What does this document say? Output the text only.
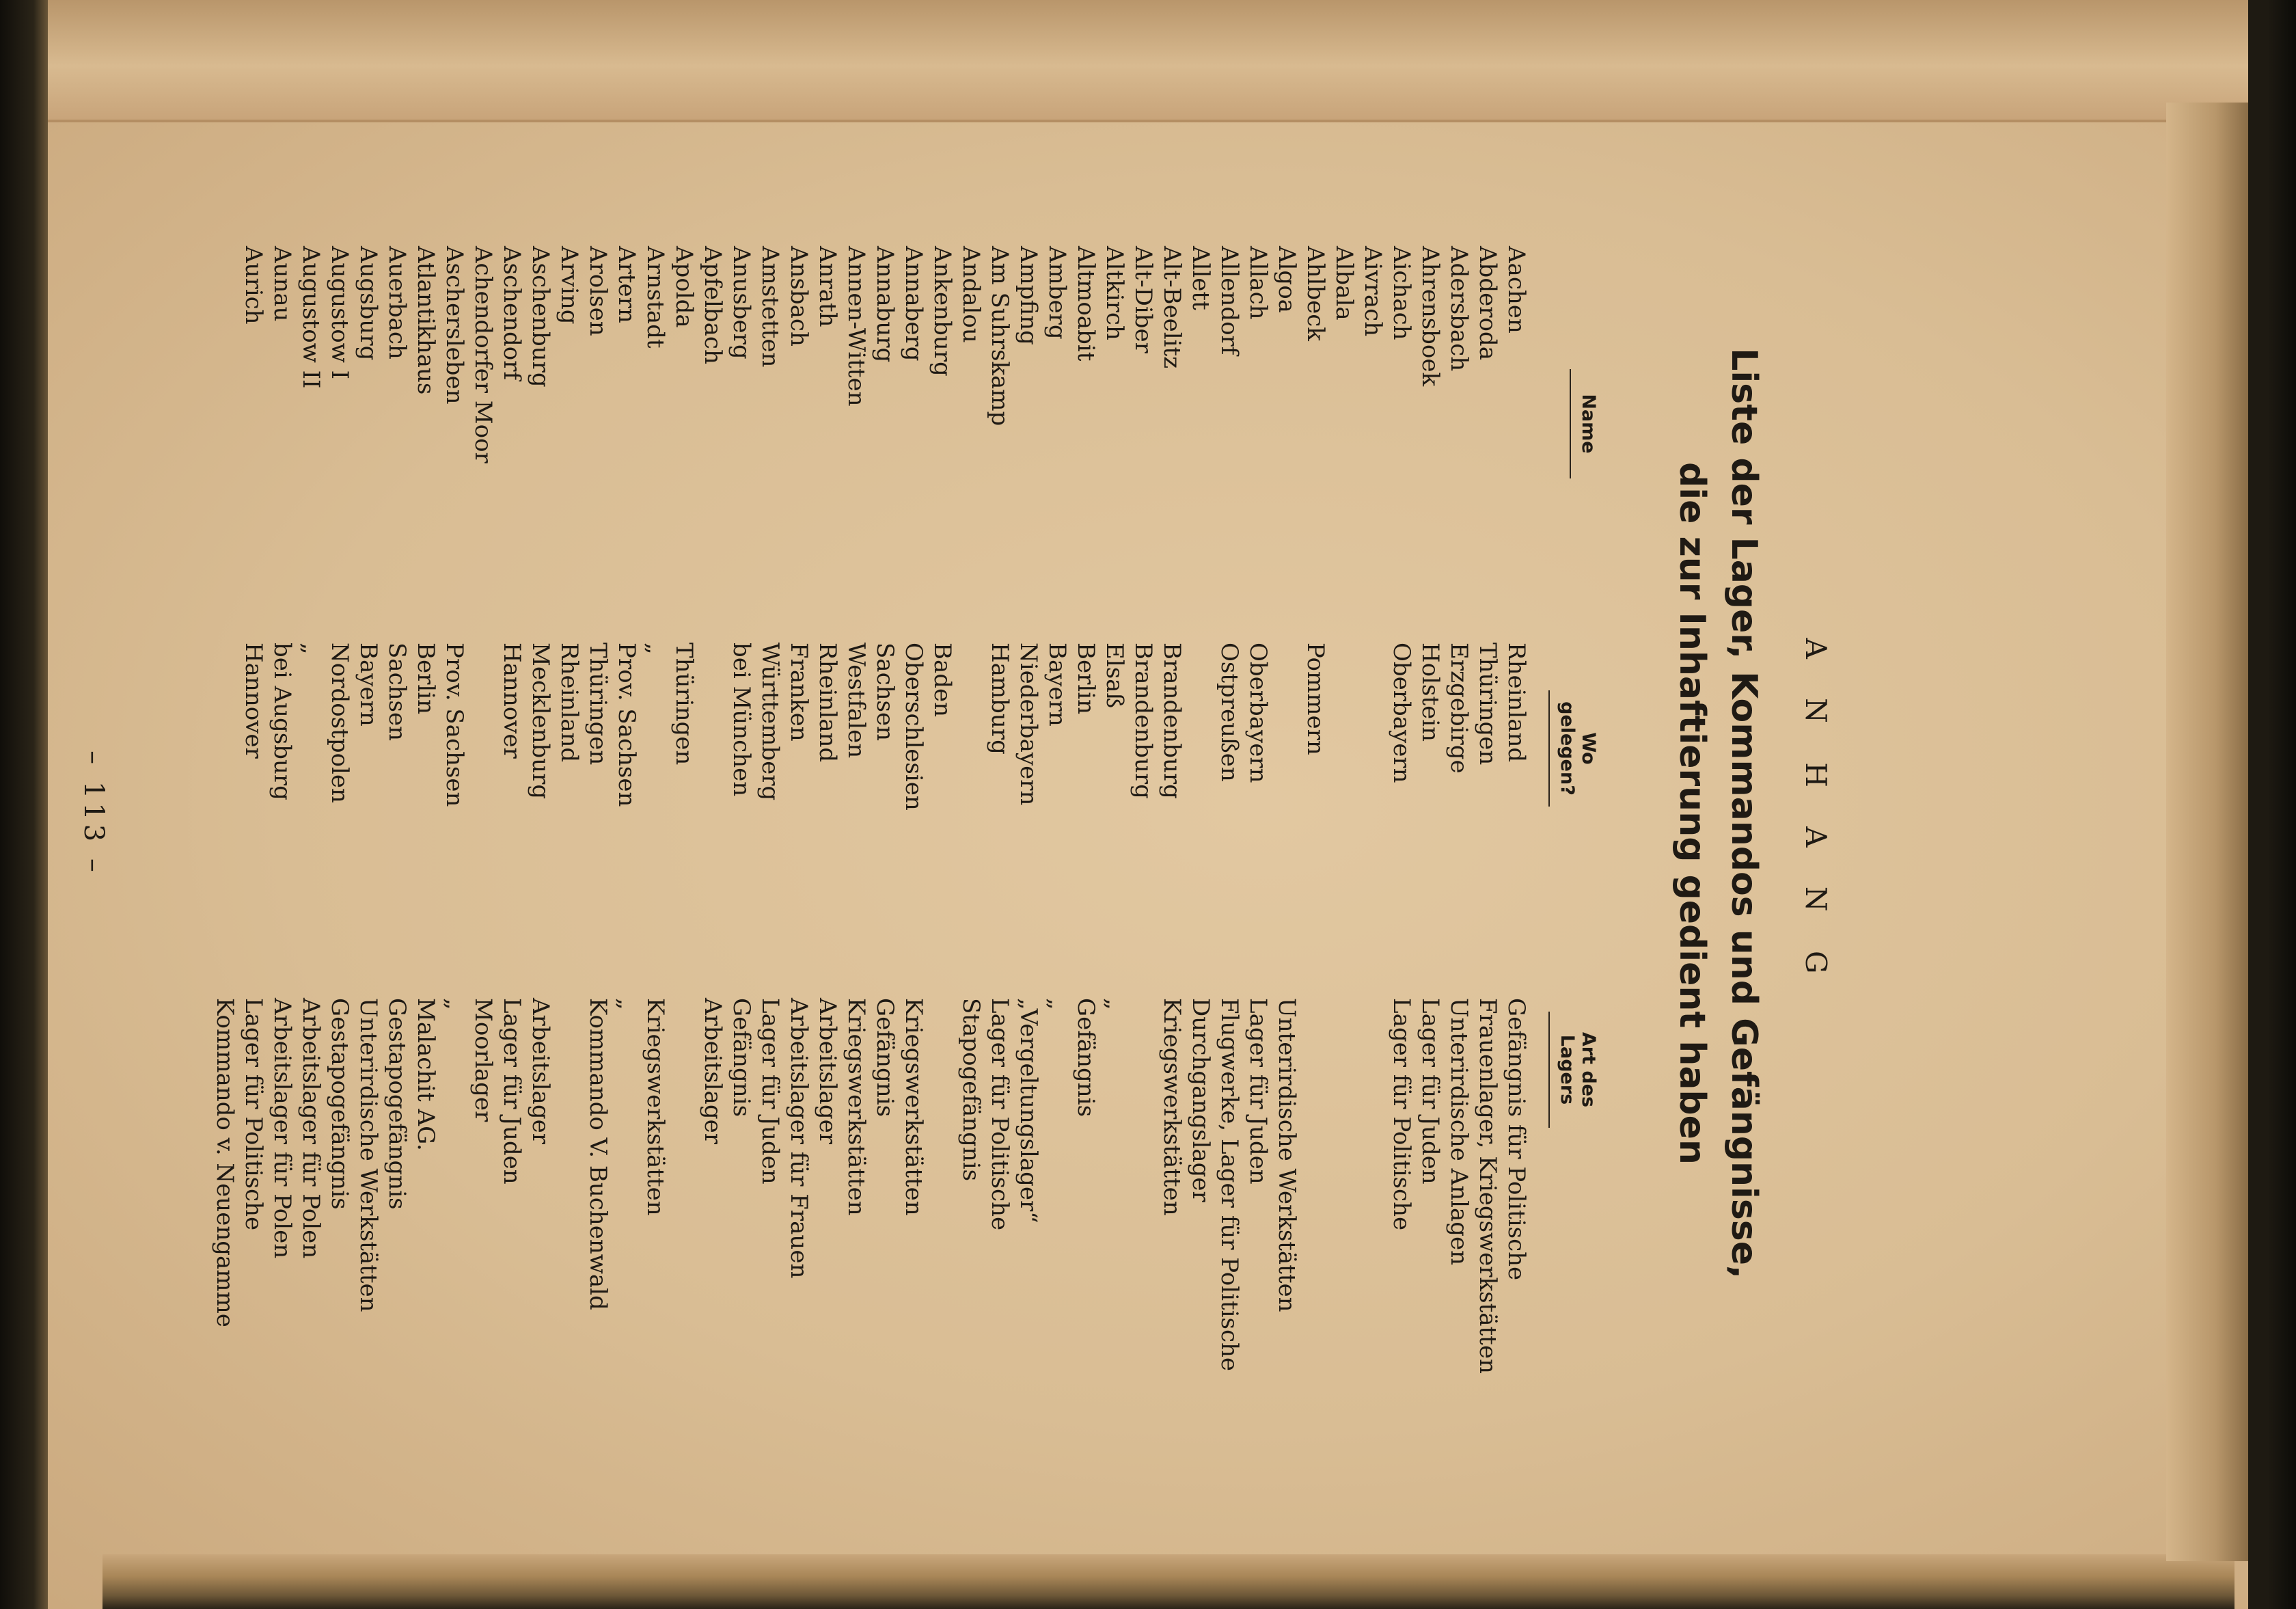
A N H A N G
Liste der Lager, Kommandos und Gefängnisse,
die zur Inhaftierung gedient haben
Name
Wo gelegen?
Art des Lagers
Aachen
Rheinland
Gefängnis für Politische
Abderoda
Thüringen
Frauenlager, Kriegswerkstätten
Adersbach
Erzgebirge
Unterirdische Anlagen
Ahrensboek
Holstein
Lager für Juden
Aichach
Oberbayern
Lager für Politische
Aivrach
Albala
Ahlbeck
Pommern
Algoa
Unterirdische Werkstätten
Allach
Oberbayern
Lager für Juden
Allendorf
Ostpreußen
Flugwerke, Lager für Politische
Allett
Durchgangslager
Alt-Beelitz
Brandenburg
Kriegswerkstätten
Alt-Diber
Brandenburg
Altkirch
Elsaß
„
Altmoabit
Berlin
Gefängnis
Amberg
Bayern
„
Ampfing
Niederbayern
„Vergeltungslager“
Am Suhrskamp
Hamburg
Lager für Politische
Andalou
Stapogefängnis
Ankenburg
Baden
Annaberg
Oberschlesien
Kriegswerkstätten
Annaburg
Sachsen
Gefängnis
Annen-Witten
Westfalen
Kriegswerkstätten
Anrath
Rheinland
Arbeitslager
Ansbach
Franken
Arbeitslager für Frauen
Amstetten
Württemberg
Lager für Juden
Anusberg
bei München
Gefängnis
Apfelbach
Arbeitslager
Apolda
Thüringen
Arnstadt
„
Kriegswerkstätten
Artern
Prov. Sachsen
„
Arolsen
Thüringen
Kommando V. Buchenwald
Arving
Rheinland
Aschenburg
Mecklenburg
Arbeitslager
Aschendorf
Hannover
Lager für Juden
Achendorfer Moor
Moorlager
Aschersleben
Prov. Sachsen
„
Atlantikhaus
Berlin
Malachit AG.
Auerbach
Sachsen
Gestapogefängnis
Augsburg
Bayern
Unterirdische Werkstätten
Augustow I
Nordostpolen
Gestapogefängnis
Augustow II
„
Arbeitslager für Polen
Aunau
bei Augsburg
Arbeitslager für Polen
Aurich
Hannover
Lager für Politische
Kommando v. Neuengamme
– 113 –
